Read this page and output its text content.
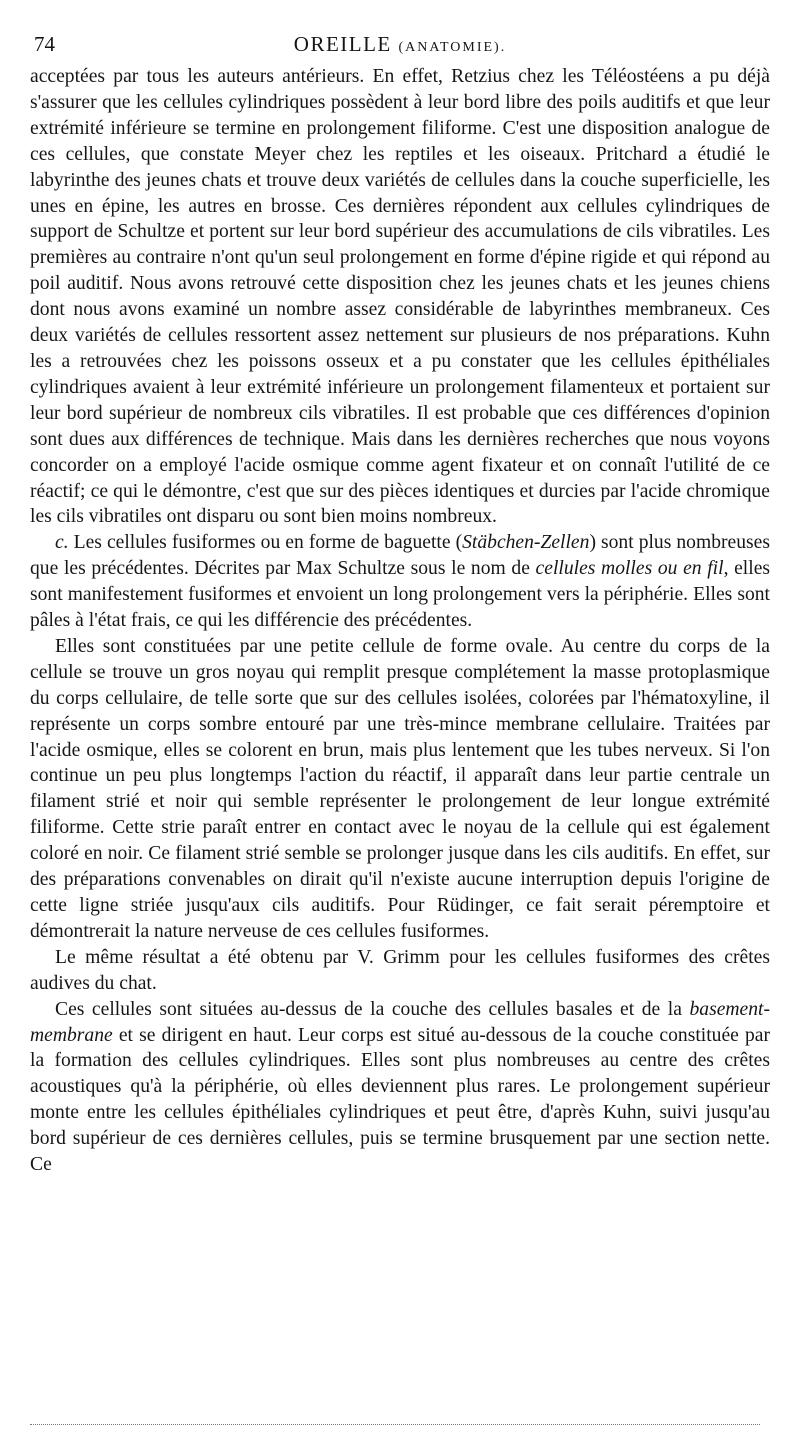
74	OREILLE (ANATOMIE).

acceptées par tous les auteurs antérieurs. En effet, Retzius chez les Téléostéens a pu déjà s'assurer que les cellules cylindriques possèdent à leur bord libre des poils auditifs et que leur extrémité inférieure se termine en prolongement filiforme. C'est une disposition analogue de ces cellules, que constate Meyer chez les reptiles et les oiseaux. Pritchard a étudié le labyrinthe des jeunes chats et trouve deux variétés de cellules dans la couche superficielle, les unes en épine, les autres en brosse. Ces dernières répondent aux cellules cylindriques de support de Schultze et portent sur leur bord supérieur des accumulations de cils vibratiles. Les premières au contraire n'ont qu'un seul prolongement en forme d'épine rigide et qui répond au poil auditif. Nous avons retrouvé cette disposition chez les jeunes chats et les jeunes chiens dont nous avons examiné un nombre assez considérable de labyrinthes membraneux. Ces deux variétés de cellules ressortent assez nettement sur plusieurs de nos préparations. Kuhn les a retrouvées chez les poissons osseux et a pu constater que les cellules épithéliales cylindriques avaient à leur extrémité inférieure un prolongement filamenteux et portaient sur leur bord supérieur de nombreux cils vibratiles. Il est probable que ces différences d'opinion sont dues aux différences de technique. Mais dans les dernières recherches que nous voyons concorder on a employé l'acide osmique comme agent fixateur et on connaît l'utilité de ce réactif; ce qui le démontre, c'est que sur des pièces identiques et durcies par l'acide chromique les cils vibratiles ont disparu ou sont bien moins nombreux.

c. Les cellules fusiformes ou en forme de baguette (Stäbchen-Zellen) sont plus nombreuses que les précédentes. Décrites par Max Schultze sous le nom de cellules molles ou en fil, elles sont manifestement fusiformes et envoient un long prolongement vers la périphérie. Elles sont pâles à l'état frais, ce qui les différencie des précédentes.

Elles sont constituées par une petite cellule de forme ovale. Au centre du corps de la cellule se trouve un gros noyau qui remplit presque complétement la masse protoplasmique du corps cellulaire, de telle sorte que sur des cellules isolées, colorées par l'hématoxyline, il représente un corps sombre entouré par une très-mince membrane cellulaire. Traitées par l'acide osmique, elles se colorent en brun, mais plus lentement que les tubes nerveux. Si l'on continue un peu plus longtemps l'action du réactif, il apparaît dans leur partie centrale un filament strié et noir qui semble représenter le prolongement de leur longue extrémité filiforme. Cette strie paraît entrer en contact avec le noyau de la cellule qui est également coloré en noir. Ce filament strié semble se prolonger jusque dans les cils auditifs. En effet, sur des préparations convenables on dirait qu'il n'existe aucune interruption depuis l'origine de cette ligne striée jusqu'aux cils auditifs. Pour Rüdinger, ce fait serait péremptoire et démontrerait la nature nerveuse de ces cellules fusiformes.

Le même résultat a été obtenu par V. Grimm pour les cellules fusiformes des crêtes audives du chat.

Ces cellules sont situées au-dessus de la couche des cellules basales et de la basement-membrane et se dirigent en haut. Leur corps est situé au-dessous de la couche constituée par la formation des cellules cylindriques. Elles sont plus nombreuses au centre des crêtes acoustiques qu'à la périphérie, où elles deviennent plus rares. Le prolongement supérieur monte entre les cellules épithéliales cylindriques et peut être, d'après Kuhn, suivi jusqu'au bord supérieur de ces dernières cellules, puis se termine brusquement par une section nette. Ce
